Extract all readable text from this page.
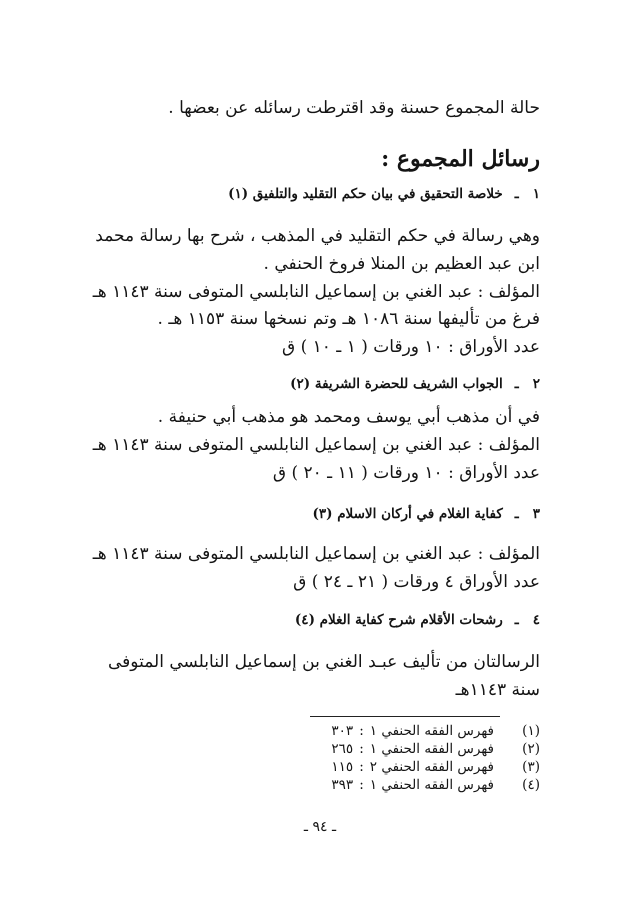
حالة المجموع حسنة وقد اقترطت رسائله عن بعضها .
رسائل المجموع :
١ـخلاصة التحقيق في بيان حكم التقليد والتلفيق (١)
وهي رسالة في حكم التقليد في المذهب ، شرح بها رسالة محمد
ابن عبد العظيم بن المنلا فروخ الحنفي .
المؤلف : عبد الغني بن إسماعيل النابلسي المتوفى سنة ١١٤٣ هـ
فرغ من تأليفها سنة ١٠٨٦ هـ وتم نسخها سنة ١١٥٣ هـ .
عدد الأوراق : ١٠ ورقات ( ١ ـ ١٠ ) ق
٢ـالجواب الشريف للحضرة الشريفة (٢)
في أن مذهب أبي يوسف ومحمد هو مذهب أبي حنيفة .
المؤلف : عبد الغني بن إسماعيل النابلسي المتوفى سنة ١١٤٣ هـ
عدد الأوراق : ١٠ ورقات ( ١١ ـ ٢٠ ) ق
٣ـكفاية الغلام في أركان الاسلام (٣)
المؤلف : عبد الغني بن إسماعيل النابلسي المتوفى سنة ١١٤٣ هـ
عدد الأوراق ٤ ورقات ( ٢١ ـ ٢٤ ) ق
٤ـرشحات الأقلام شرح كفاية الغلام (٤)
الرسالتان من تأليف عبـد الغني بن إسماعيل النابلسي المتوفى
سنة ١١٤٣هـ
(١)فهرس الفقه الحنفي ١:٣٠٣
(٢)فهرس الفقه الحنفي ١:٢٦٥
(٣)فهرس الفقه الحنفي ٢:١١٥
(٤)فهرس الفقه الحنفي ١:٣٩٣
ـ ٩٤ ـ
